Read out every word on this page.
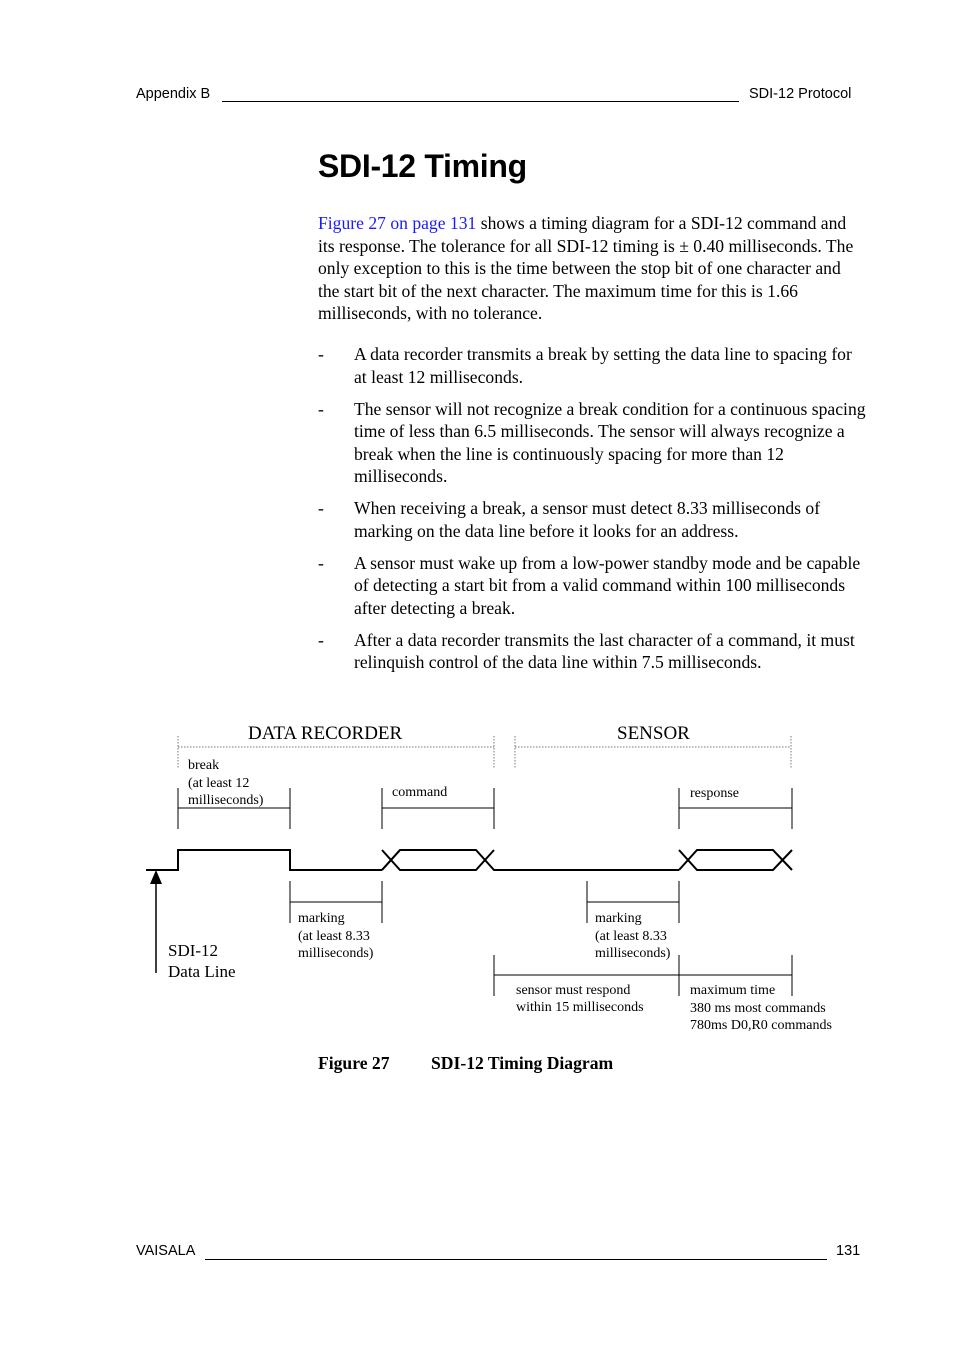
Appendix B	SDI-12 Protocol
SDI-12 Timing

Figure 27 on page 131 shows a timing diagram for a SDI-12 command and its response. The tolerance for all SDI-12 timing is ± 0.40 milliseconds. The only exception to this is the time between the stop bit of one character and the start bit of the next character. The maximum time for this is 1.66 milliseconds, with no tolerance.

- A data recorder transmits a break by setting the data line to spacing for at least 12 milliseconds.
- The sensor will not recognize a break condition for a continuous spacing time of less than 6.5 milliseconds. The sensor will always recognize a break when the line is continuously spacing for more than 12 milliseconds.
- When receiving a break, a sensor must detect 8.33 milliseconds of marking on the data line before it looks for an address.
- A sensor must wake up from a low-power standby mode and be capable of detecting a start bit from a valid command within 100 milliseconds after detecting a break.
- After a data recorder transmits the last character of a command, it must relinquish control of the data line within 7.5 milliseconds.
DATA RECORDER	SENSOR
break
(at least 12
milliseconds)
command	response
marking
(at least 8.33
milliseconds)
marking
(at least 8.33
milliseconds)
SDI-12
Data Line
sensor must respond
within 15 milliseconds
maximum time
380 ms most commands
780ms D0,R0 commands
Figure 27 SDI-12 Timing Diagram
VAISALA	131
